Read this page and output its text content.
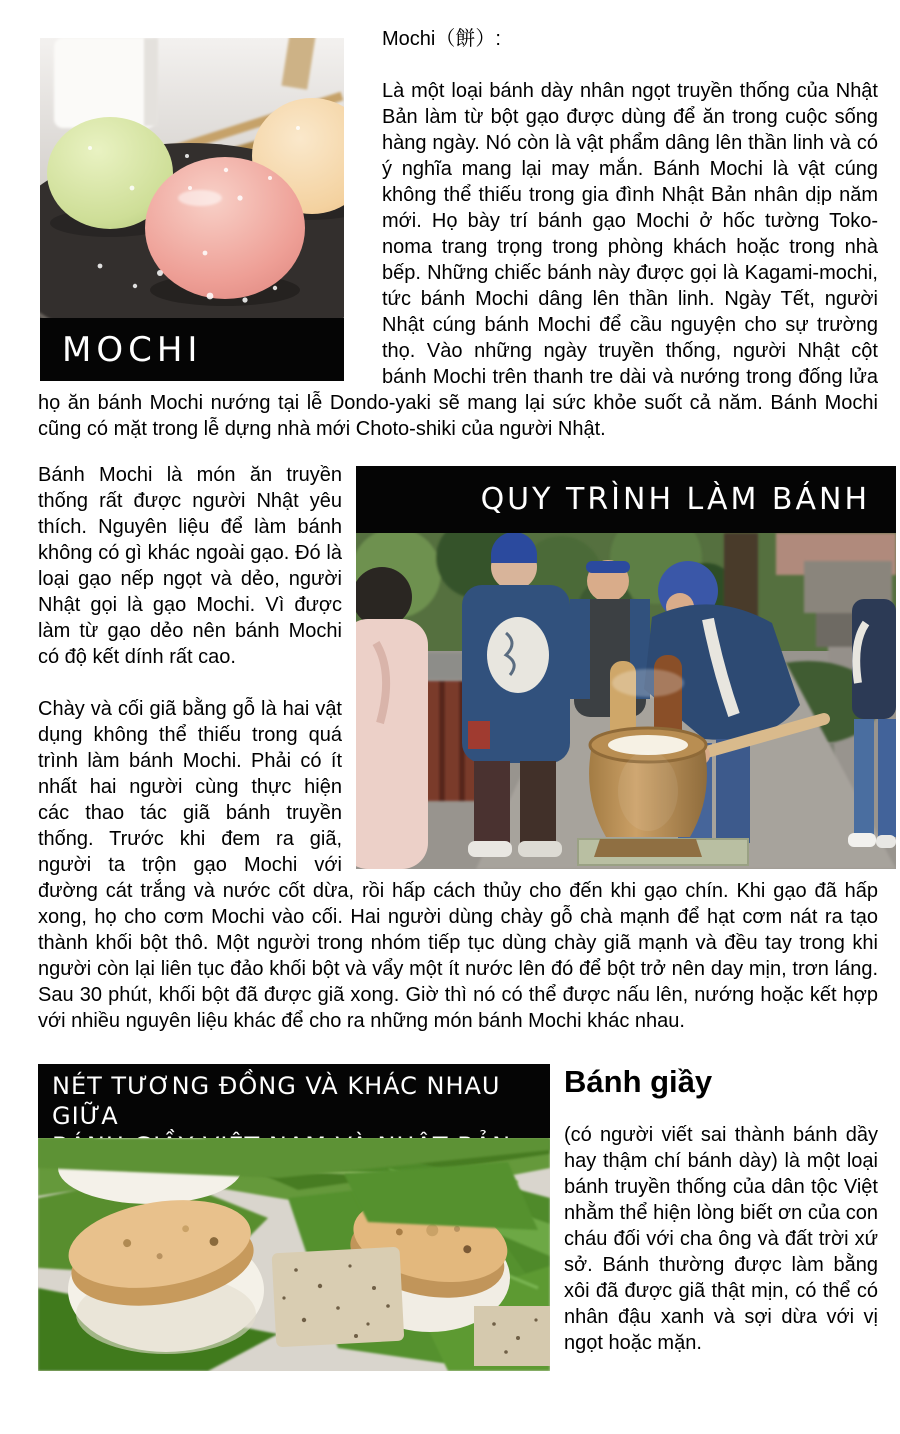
MOCHI

Mochi（餅）:

Là một loại bánh dày nhân ngọt truyền thống của Nhật Bản làm từ bột gạo được dùng để ăn trong cuộc sống hàng ngày. Nó còn là vật phẩm dâng lên thần linh và có ý nghĩa mang lại may mắn. Bánh Mochi là vật cúng không thể thiếu trong gia đình Nhật Bản nhân dịp năm mới. Họ bày trí bánh gạo Mochi ở hốc tường Toko-noma trang trọng trong phòng khách hoặc trong nhà bếp. Những chiếc bánh này được gọi là Kagami-mochi, tức bánh Mochi dâng lên thần linh. Ngày Tết, người Nhật cúng bánh Mochi để cầu nguyện cho sự trường thọ. Vào những ngày truyền thống, người Nhật cột bánh Mochi trên thanh tre dài và nướng trong đống lửa họ ăn bánh Mochi nướng tại lễ Dondo-yaki sẽ mang lại sức khỏe suốt cả năm. Bánh Mochi cũng có mặt trong lễ dựng nhà mới Choto-shiki của người Nhật.

QUY TRÌNH LÀM BÁNH

Bánh Mochi là món ăn truyền thống rất được người Nhật yêu thích. Nguyên liệu để làm bánh không có gì khác ngoài gạo. Đó là loại gạo nếp ngọt và dẻo, người Nhật gọi là gạo Mochi. Vì được làm từ gạo dẻo nên bánh Mochi có độ kết dính rất cao.

Chày và cối giã bằng gỗ là hai vật dụng không thể thiếu trong quá trình làm bánh Mochi. Phải có ít nhất hai người cùng thực hiện các thao tác giã bánh truyền thống. Trước khi đem ra giã, người ta trộn gạo Mochi với đường cát trắng và nước cốt dừa, rồi hấp cách thủy cho đến khi gạo chín. Khi gạo đã hấp xong, họ cho cơm Mochi vào cối. Hai người dùng chày gỗ chà mạnh để hạt cơm nát ra tạo thành khối bột thô. Một người trong nhóm tiếp tục dùng chày giã mạnh và đều tay trong khi người còn lại liên tục đảo khối bột và vẩy một ít nước lên đó để bột trở nên day mịn, trơn láng. Sau 30 phút, khối bột đã được giã xong. Giờ thì nó có thể được nấu lên, nướng hoặc kết hợp với nhiều nguyên liệu khác để cho ra những món bánh Mochi khác nhau.

NÉT TƯƠNG ĐỒNG VÀ KHÁC NHAU GIỮA
Bánh giầy

(có người viết sai thành bánh dầy hay thậm chí bánh dày) là một loại bánh truyền thống của dân tộc Việt nhằm thể hiện lòng biết ơn của con cháu đối với cha ông và đất trời xứ sở. Bánh thường được làm bằng xôi đã được giã thật mịn, có thể có nhân đậu xanh và sợi dừa với vị ngọt hoặc mặn.
